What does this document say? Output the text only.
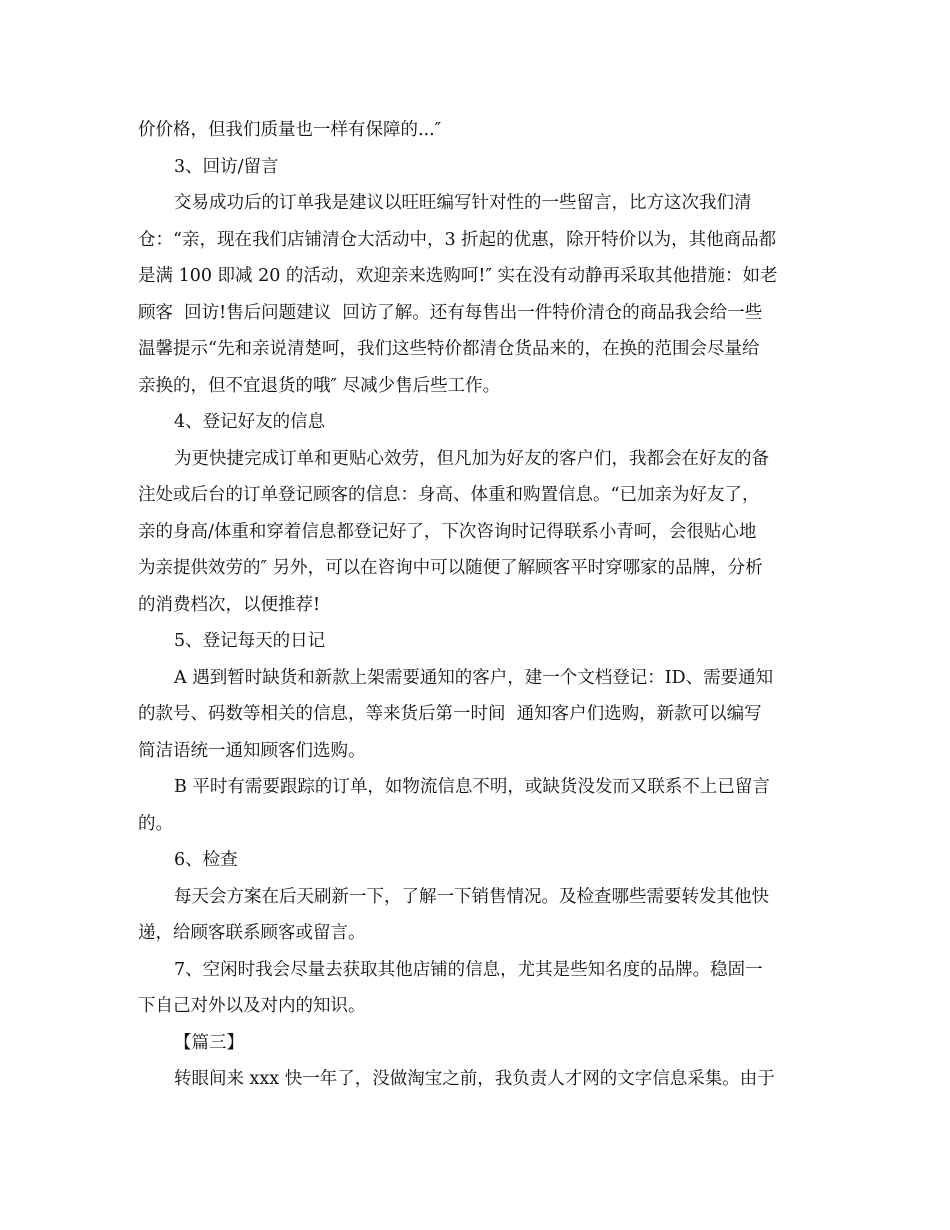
价价格，但我们质量也一样有保障的...″
3、回访/留言
交易成功后的订单我是建议以旺旺编写针对性的一些留言，比方这次我们清
仓：“亲，现在我们店铺清仓大活动中，3 折起的优惠，除开特价以为，其他商品都
是满 100 即减 20 的活动，欢迎亲来选购呵!″ 实在没有动静再采取其他措施：如老
顾客  回访!售后问题建议  回访了解。还有每售出一件特价清仓的商品我会给一些
温馨提示“先和亲说清楚呵，我们这些特价都清仓货品来的，在换的范围会尽量给
亲换的，但不宜退货的哦″ 尽减少售后些工作。
4、登记好友的信息
为更快捷完成订单和更贴心效劳，但凡加为好友的客户们，我都会在好友的备
注处或后台的订单登记顾客的信息：身高、体重和购置信息。“已加亲为好友了，
亲的身高/体重和穿着信息都登记好了，下次咨询时记得联系小青呵，会很贴心地
为亲提供效劳的″ 另外，可以在咨询中可以随便了解顾客平时穿哪家的品牌，分析
的消费档次，以便推荐!
5、登记每天的日记
A 遇到暂时缺货和新款上架需要通知的客户，建一个文档登记：ID、需要通知
的款号、码数等相关的信息，等来货后第一时间  通知客户们选购，新款可以编写
简洁语统一通知顾客们选购。
B 平时有需要跟踪的订单，如物流信息不明，或缺货没发而又联系不上已留言
的。
6、检查
每天会方案在后天刷新一下，了解一下销售情况。及检查哪些需要转发其他快
递，给顾客联系顾客或留言。
7、空闲时我会尽量去获取其他店铺的信息，尤其是些知名度的品牌。稳固一
下自己对外以及对内的知识。
【篇三】
转眼间来 xxx 快一年了，没做淘宝之前，我负责人才网的文字信息采集。由于
